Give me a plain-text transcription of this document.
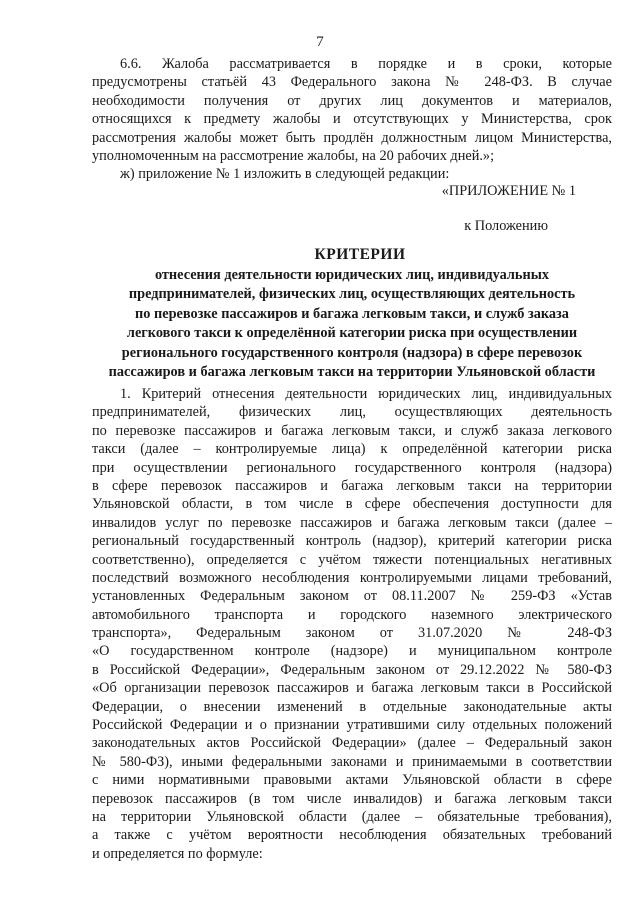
7
6.6. Жалоба рассматривается в порядке и в сроки, которые
предусмотрены статьёй 43 Федерального закона № 248-ФЗ. В случае
необходимости получения от других лиц документов и материалов,
относящихся к предмету жалобы и отсутствующих у Министерства, срок
рассмотрения жалобы может быть продлён должностным лицом Министерства,
уполномоченным на рассмотрение жалобы, на 20 рабочих дней.»;
ж) приложение № 1 изложить в следующей редакции:
«ПРИЛОЖЕНИЕ № 1
к Положению
КРИТЕРИИ
отнесения деятельности юридических лиц, индивидуальных
предпринимателей, физических лиц, осуществляющих деятельность
по перевозке пассажиров и багажа легковым такси, и служб заказа
легкового такси к определённой категории риска при осуществлении
регионального государственного контроля (надзора) в сфере перевозок
пассажиров и багажа легковым такси на территории Ульяновской области
1. Критерий отнесения деятельности юридических лиц, индивидуальных
предпринимателей, физических лиц, осуществляющих деятельность
по перевозке пассажиров и багажа легковым такси, и служб заказа легкового
такси (далее – контролируемые лица) к определённой категории риска
при осуществлении регионального государственного контроля (надзора)
в сфере перевозок пассажиров и багажа легковым такси на территории
Ульяновской области, в том числе в сфере обеспечения доступности для
инвалидов услуг по перевозке пассажиров и багажа легковым такси (далее –
региональный государственный контроль (надзор), критерий категории риска
соответственно), определяется с учётом тяжести потенциальных негативных
последствий возможного несоблюдения контролируемыми лицами требований,
установленных Федеральным законом от 08.11.2007 № 259-ФЗ «Устав
автомобильного транспорта и городского наземного электрического
транспорта», Федеральным законом от 31.07.2020 № 248-ФЗ
«О государственном контроле (надзоре) и муниципальном контроле
в Российской Федерации», Федеральным законом от 29.12.2022 № 580-ФЗ
«Об организации перевозок пассажиров и багажа легковым такси в Российской
Федерации, о внесении изменений в отдельные законодательные акты
Российской Федерации и о признании утратившими силу отдельных положений
законодательных актов Российской Федерации» (далее – Федеральный закон
№ 580-ФЗ), иными федеральными законами и принимаемыми в соответствии
с ними нормативными правовыми актами Ульяновской области в сфере
перевозок пассажиров (в том числе инвалидов) и багажа легковым такси
на территории Ульяновской области (далее – обязательные требования),
а также с учётом вероятности несоблюдения обязательных требований
и определяется по формуле:
